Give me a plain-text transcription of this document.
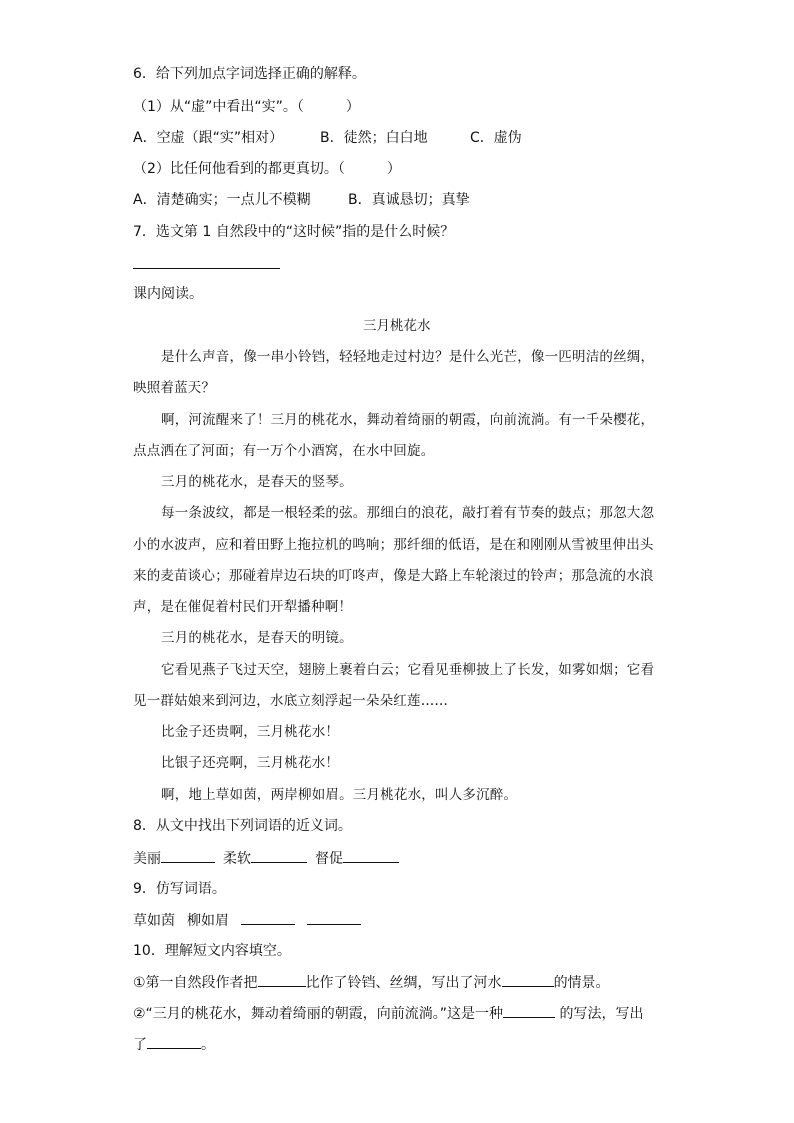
6．给下列加点字词选择正确的解释。
（1）从“虚”中看出“实”。（　　　）
A．空虚（跟“实”相对）	B．徒然；白白地	C．虚伪
（2）比任何他看到的都更真切。（　　　）
A．清楚确实；一点儿不模糊	B．真诚恳切；真挚
7．选文第 1 自然段中的“这时候”指的是什么时候？
课内阅读。
三月桃花水
是什么声音，像一串小铃铛，轻轻地走过村边？是什么光芒，像一匹明洁的丝绸，
映照着蓝天？
啊，河流醒来了！三月的桃花水，舞动着绮丽的朝霞，向前流淌。有一千朵樱花，
点点洒在了河面；有一万个小酒窝，在水中回旋。
三月的桃花水，是春天的竖琴。
每一条波纹，都是一根轻柔的弦。那细白的浪花，敲打着有节奏的鼓点；那忽大忽
小的水波声，应和着田野上拖拉机的鸣响；那纤细的低语，是在和刚刚从雪被里伸出头
来的麦苗谈心；那碰着岸边石块的叮咚声，像是大路上车轮滚过的铃声；那急流的水浪
声，是在催促着村民们开犁播种啊！
三月的桃花水，是春天的明镜。
它看见燕子飞过天空，翅膀上裹着白云；它看见垂柳披上了长发，如雾如烟；它看
见一群姑娘来到河边，水底立刻浮起一朵朵红莲……
比金子还贵啊，三月桃花水！
比银子还亮啊，三月桃花水！
啊，地上草如茵，两岸柳如眉。三月桃花水，叫人多沉醉。
8．从文中找出下列词语的近义词。
美丽	柔软	督促
9．仿写词语。
草如茵 柳如眉
10．理解短文内容填空。
①第一自然段作者把	比作了铃铛、丝绸，写出了河水	的情景。
②“三月的桃花水，舞动着绮丽的朝霞，向前流淌。”这是一种	的写法，写出
了	。
